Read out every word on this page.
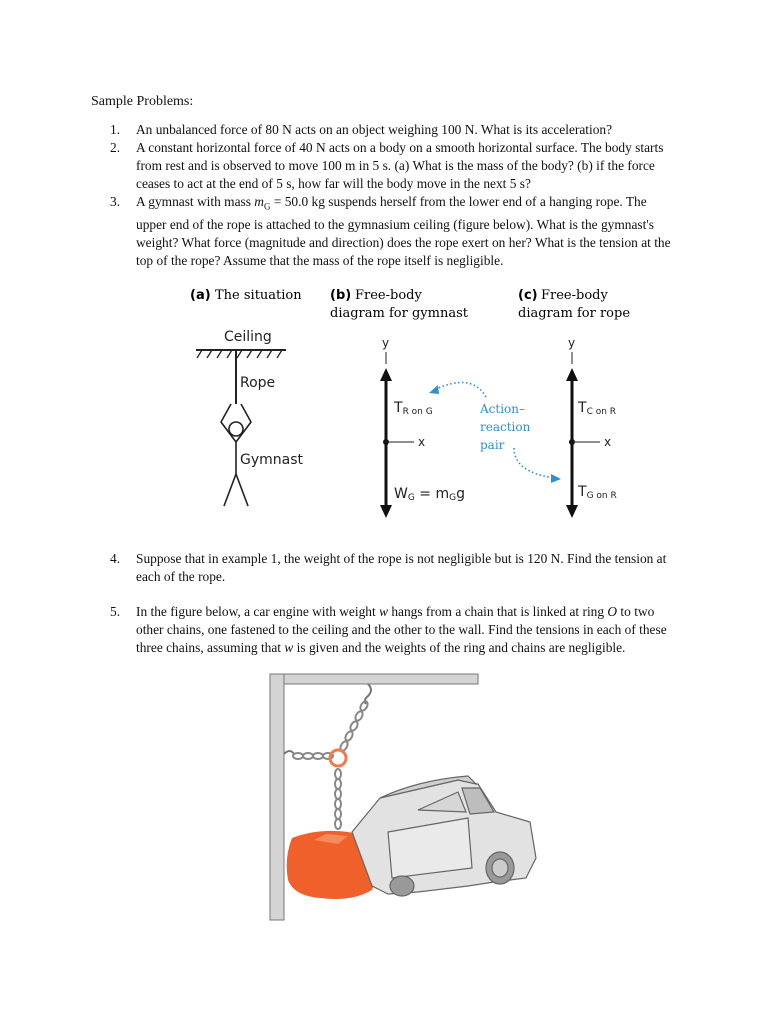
Sample Problems:
1.	An unbalanced force of 80 N acts on an object weighing 100 N. What is its acceleration?
2.	A constant horizontal force of 40 N acts on a body on a smooth horizontal surface. The body starts from rest and is observed to move 100 m in 5 s. (a) What is the mass of the body? (b) if the force ceases to act at the end of 5 s, how far will the body move in the next 5 s?
3.	A gymnast with mass $m_G = 50.0$ kg suspends herself from the lower end of a hanging rope. The upper end of the rope is attached to the gymnasium ceiling (figure below). What is the gymnast's weight? What force (magnitude and direction) does the rope exert on her? What is the tension at the top of the rope? Assume that the mass of the rope itself is negligible.
(a) The situation (b) Free-body
diagram for gymnast
(c) Free-body
diagram for rope
Ceiling
Rope
Gymnast
y
x
TR on G
WG = mGg
Action–
reaction
pair
y
x
TC on R
TG on R
4.	Suppose that in example 1, the weight of the rope is not negligible but is 120 N. Find the tension at each of the rope.
5.	In the figure below, a car engine with weight w hangs from a chain that is linked at ring O to two other chains, one fastened to the ceiling and the other to the wall. Find the tensions in each of these three chains, assuming that w is given and the weights of the ring and chains are negligible.
